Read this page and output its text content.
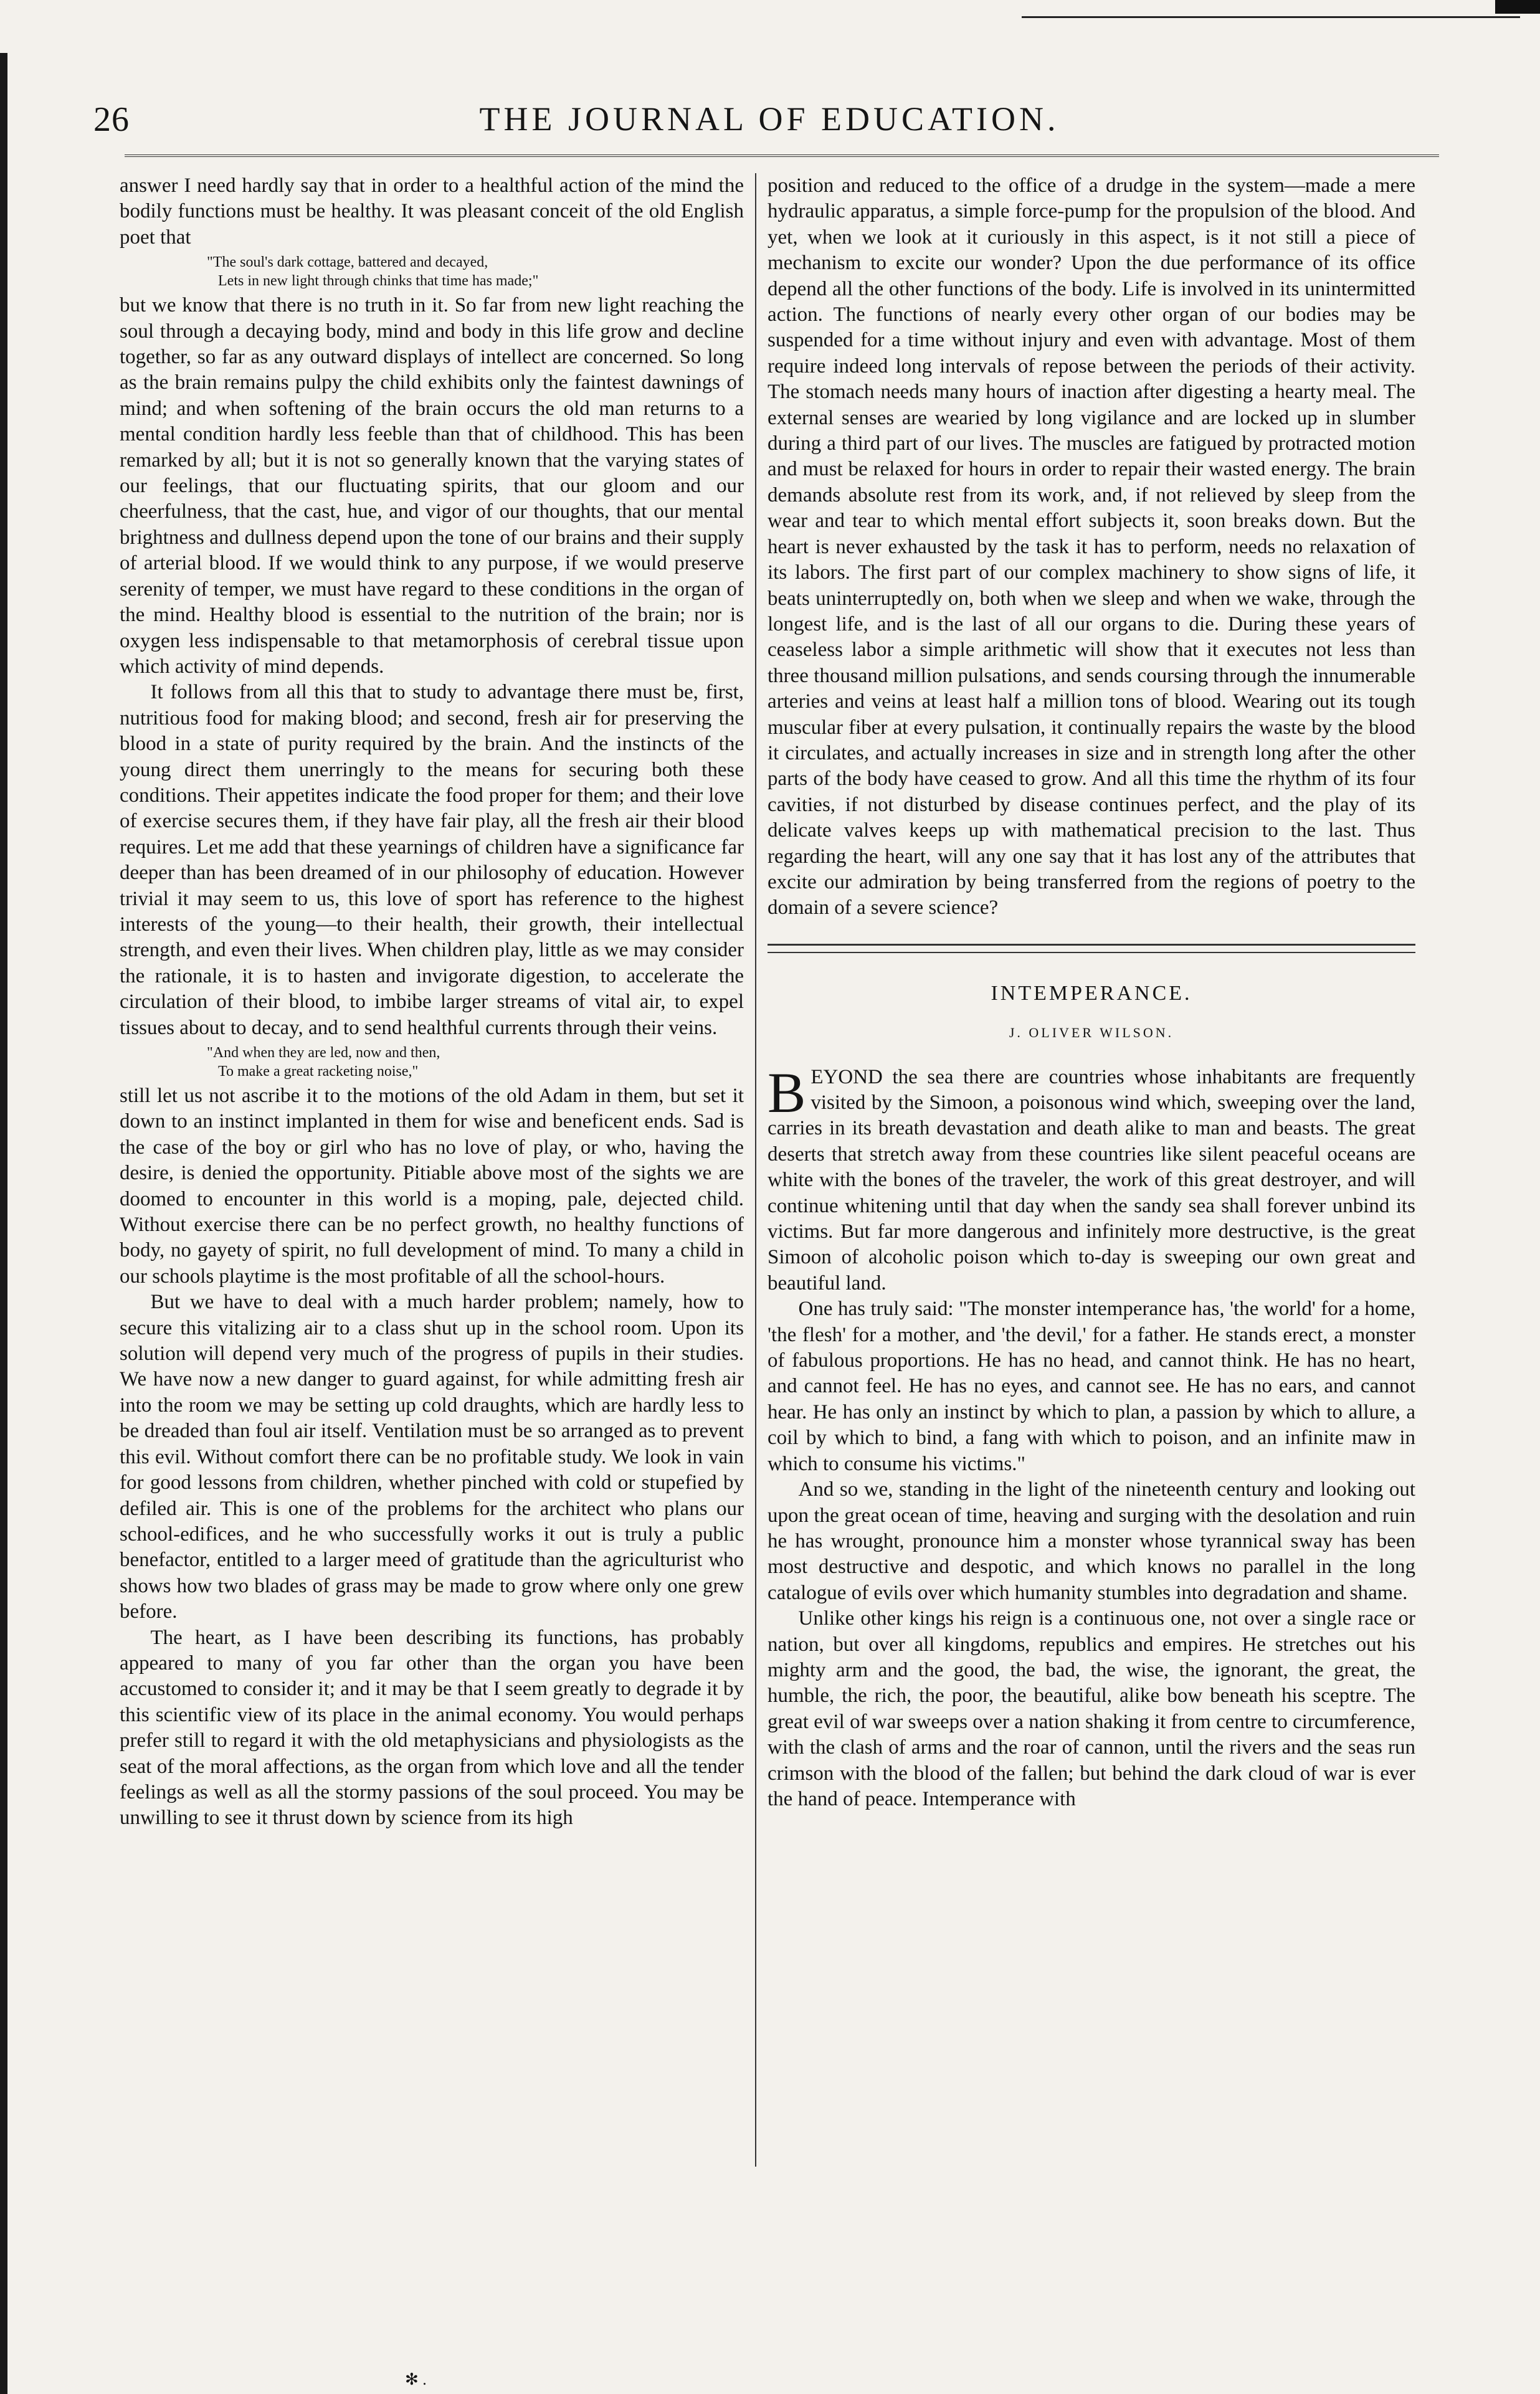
26	THE JOURNAL OF EDUCATION.

answer I need hardly say that in order to a healthful action of the mind the bodily functions must be healthy. It was pleasant conceit of the old English poet that

"The soul's dark cottage, battered and decayed,
Lets in new light through chinks that time has made;"

but we know that there is no truth in it. So far from new light reaching the soul through a decaying body, mind and body in this life grow and decline together, so far as any outward displays of intellect are concerned. So long as the brain remains pulpy the child exhibits only the faintest dawnings of mind; and when softening of the brain occurs the old man returns to a mental condition hardly less feeble than that of childhood. This has been remarked by all; but it is not so generally known that the varying states of our feelings, that our fluctuating spirits, that our gloom and our cheerfulness, that the cast, hue, and vigor of our thoughts, that our mental brightness and dullness depend upon the tone of our brains and their supply of arterial blood. If we would think to any purpose, if we would preserve serenity of temper, we must have regard to these conditions in the organ of the mind. Healthy blood is essential to the nutrition of the brain; nor is oxygen less indispensable to that metamorphosis of cerebral tissue upon which activity of mind depends.

It follows from all this that to study to advantage there must be, first, nutritious food for making blood; and second, fresh air for preserving the blood in a state of purity required by the brain. And the instincts of the young direct them unerringly to the means for securing both these conditions. Their appetites indicate the food proper for them; and their love of exercise secures them, if they have fair play, all the fresh air their blood requires. Let me add that these yearnings of children have a significance far deeper than has been dreamed of in our philosophy of education. However trivial it may seem to us, this love of sport has reference to the highest interests of the young—to their health, their growth, their intellectual strength, and even their lives. When children play, little as we may consider the rationale, it is to hasten and invigorate digestion, to accelerate the circulation of their blood, to imbibe larger streams of vital air, to expel tissues about to decay, and to send healthful currents through their veins.

"And when they are led, now and then,
To make a great racketing noise,"

still let us not ascribe it to the motions of the old Adam in them, but set it down to an instinct implanted in them for wise and beneficent ends. Sad is the case of the boy or girl who has no love of play, or who, having the desire, is denied the opportunity. Pitiable above most of the sights we are doomed to encounter in this world is a moping, pale, dejected child. Without exercise there can be no perfect growth, no healthy functions of body, no gayety of spirit, no full development of mind. To many a child in our schools playtime is the most profitable of all the school-hours.

But we have to deal with a much harder problem; namely, how to secure this vitalizing air to a class shut up in the school room. Upon its solution will depend very much of the progress of pupils in their studies. We have now a new danger to guard against, for while admitting fresh air into the room we may be setting up cold draughts, which are hardly less to be dreaded than foul air itself. Ventilation must be so arranged as to prevent this evil. Without comfort there can be no profitable study. We look in vain for good lessons from children, whether pinched with cold or stupefied by defiled air. This is one of the problems for the architect who plans our school-edifices, and he who successfully works it out is truly a public benefactor, entitled to a larger meed of gratitude than the agriculturist who shows how two blades of grass may be made to grow where only one grew before.

The heart, as I have been describing its functions, has probably appeared to many of you far other than the organ you have been accustomed to consider it; and it may be that I seem greatly to degrade it by this scientific view of its place in the animal economy. You would perhaps prefer still to regard it with the old metaphysicians and physiologists as the seat of the moral affections, as the organ from which love and all the tender feelings as well as all the stormy passions of the soul proceed. You may be unwilling to see it thrust down by science from its high

position and reduced to the office of a drudge in the system—made a mere hydraulic apparatus, a simple force-pump for the propulsion of the blood. And yet, when we look at it curiously in this aspect, is it not still a piece of mechanism to excite our wonder? Upon the due performance of its office depend all the other functions of the body. Life is involved in its unintermitted action. The functions of nearly every other organ of our bodies may be suspended for a time without injury and even with advantage. Most of them require indeed long intervals of repose between the periods of their activity. The stomach needs many hours of inaction after digesting a hearty meal. The external senses are wearied by long vigilance and are locked up in slumber during a third part of our lives. The muscles are fatigued by protracted motion and must be relaxed for hours in order to repair their wasted energy. The brain demands absolute rest from its work, and, if not relieved by sleep from the wear and tear to which mental effort subjects it, soon breaks down. But the heart is never exhausted by the task it has to perform, needs no relaxation of its labors. The first part of our complex machinery to show signs of life, it beats uninterruptedly on, both when we sleep and when we wake, through the longest life, and is the last of all our organs to die. During these years of ceaseless labor a simple arithmetic will show that it executes not less than three thousand million pulsations, and sends coursing through the innumerable arteries and veins at least half a million tons of blood. Wearing out its tough muscular fiber at every pulsation, it continually repairs the waste by the blood it circulates, and actually increases in size and in strength long after the other parts of the body have ceased to grow. And all this time the rhythm of its four cavities, if not disturbed by disease continues perfect, and the play of its delicate valves keeps up with mathematical precision to the last. Thus regarding the heart, will any one say that it has lost any of the attributes that excite our admiration by being transferred from the regions of poetry to the domain of a severe science?

INTEMPERANCE.
J. OLIVER WILSON.

BEYOND the sea there are countries whose inhabitants are frequently visited by the Simoon, a poisonous wind which, sweeping over the land, carries in its breath devastation and death alike to man and beasts. The great deserts that stretch away from these countries like silent peaceful oceans are white with the bones of the traveler, the work of this great destroyer, and will continue whitening until that day when the sandy sea shall forever unbind its victims. But far more dangerous and infinitely more destructive, is the great Simoon of alcoholic poison which to-day is sweeping our own great and beautiful land.

One has truly said: "The monster intemperance has, 'the world' for a home, 'the flesh' for a mother, and 'the devil,' for a father. He stands erect, a monster of fabulous proportions. He has no head, and cannot think. He has no heart, and cannot feel. He has no eyes, and cannot see. He has no ears, and cannot hear. He has only an instinct by which to plan, a passion by which to allure, a coil by which to bind, a fang with which to poison, and an infinite maw in which to consume his victims."

And so we, standing in the light of the nineteenth century and looking out upon the great ocean of time, heaving and surging with the desolation and ruin he has wrought, pronounce him a monster whose tyrannical sway has been most destructive and despotic, and which knows no parallel in the long catalogue of evils over which humanity stumbles into degradation and shame.

Unlike other kings his reign is a continuous one, not over a single race or nation, but over all kingdoms, republics and empires. He stretches out his mighty arm and the good, the bad, the wise, the ignorant, the great, the humble, the rich, the poor, the beautiful, alike bow beneath his sceptre. The great evil of war sweeps over a nation shaking it from centre to circumference, with the clash of arms and the roar of cannon, until the rivers and the seas run crimson with the blood of the fallen; but behind the dark cloud of war is ever the hand of peace. Intemperance with

✻ .
